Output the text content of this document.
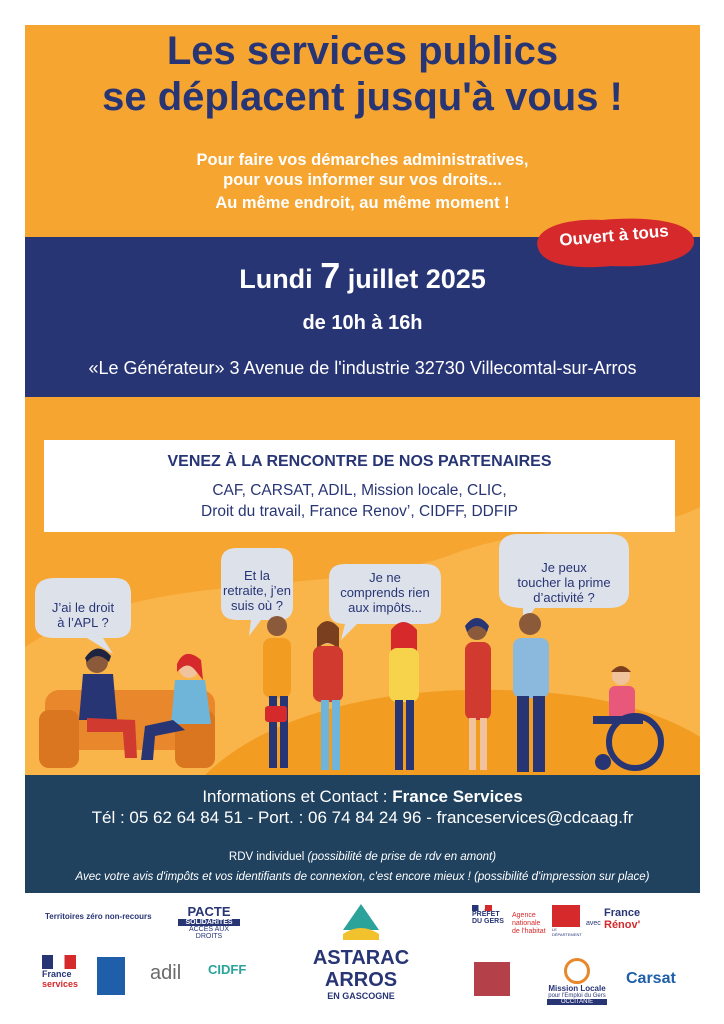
Les services publics
se déplacent jusqu'à vous !
Pour faire vos démarches administratives,
pour vous informer sur vos droits...
Au même endroit, au même moment !
Ouvert à tous
Lundi 7 juillet 2025
de 10h à 16h
«Le Générateur» 3 Avenue de l'industrie 32730 Villecomtal-sur-Arros
VENEZ À LA RENCONTRE DE NOS PARTENAIRES
CAF, CARSAT, ADIL, Mission locale, CLIC,
Droit du travail, France Renov’, CIDFF, DDFIP
J’ai le droit
à l’APL ?
Et la
retraite, j’en
suis où ?
Je ne
comprends rien
aux impôts...
Je peux
toucher la prime
d’activité ?
Informations et Contact : France Services
Tél : 05 62 64 84 51 - Port. : 06 74 84 24 96 - franceservices@cdcaag.fr
RDV individuel (possibilité de prise de rdv en amont)
Avec votre avis d'impôts et vos identifiants de connexion, c'est encore mieux ! (possibilité d'impression sur place)
Territoires zéro non-recours	PACTE
SOLIDARITÉS
ACCÈS AUX
DROITS
France
services	adil CIDFF
ASTARAC
ARROS
EN GASCOGNE
PRÉFET
DU GERS
Agence nationale de l'habitat	LE DÉPARTEMENT
avec
France
Rénov'
Mission Locale
pour l'Emploi du Gers
OCCITANIE
Carsat
